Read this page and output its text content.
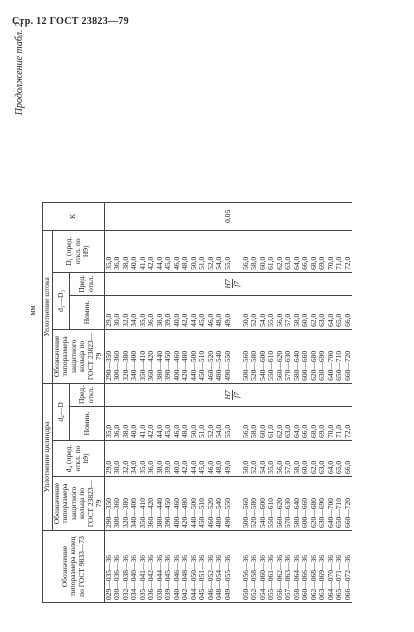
Стр. 12 ГОСТ 23823—79
Продолжение табл. 2
мм
Обозначение типоразмера колец по ГОСТ 9833—73	Уплотнение цилиндра				Уплотнение штока				K
	Обозначение типоразмера защитного кольца по ГОСТ 23823—79	d₄ (пред. откл. по h9)	d₄—D		Обозначение типоразмера защитного кольца по ГОСТ 23823—79	d₁—D₃		D₁ (пред. откл. по H9)	
			Номин.	Пред. откл.		Номин.	Пред. откл.		
029—035—36	290—350	29,0	35,0		290—350	29,0		35,0	0,05
030—036—36	300—360	30,0	36,0		300—360	30,0		36,0	
032—038—36	320—380	32,0	38,0		320—380	32,0		38,0	
034—040—36	340—400	34,0	40,0		340—400	34,0		40,0	
035—041—36	350—410	35,0	41,0		350—410	35,0		41,0	
036—042—36	360—420	36,0	42,0		360—420	36,0		42,0	
038—044—36	380—440	38,0	44,0		380—440	38,0		44,0	
039—045—36	390—450	39,0	45,0		390—450	39,0		45,0	
040—046—36	400—460	40,0	46,0		400—460	40,0		46,0	
042—048—36	420—480	42,0	48,0		420—480	42,0		48,0	
044—050—36	440—500	44,0	50,0		440—500	44,0		50,0	
045—051—36	450—510	45,0	51,0		450—510	45,0		51,0	
046—052—36	460—520	46,0	52,0		460—520	46,0		52,0	
048—054—36	480—540	48,0	54,0		480—540	48,0		54,0	
049—055—36	490—550	49,0	55,0	H7 f7	490—550	49,0	H7 f7	55,0	
050—056—36	500—560	50,0	56,0		500—560	50,0		56,0	
052—058—36	520—580	52,0	58,0		520—580	52,0		58,0	
054—060—36	540—600	54,0	60,0		540—600	54,0		60,0	
055—061—36	550—610	55,0	61,0		550—610	55,0		61,0	
056—062—36	560—620	56,0	62,0		560—620	56,0		62,0	
057—063—36	570—630	57,0	63,0		570—630	57,0		63,0	
058—064—36	580—640	58,0	64,0		580—640	58,0		64,0	
060—066—36	600—660	60,0	66,0		600—660	60,0		66,0	
062—068—36	620—680	62,0	68,0		620—680	62,0		68,0	
063—069—36	630—690	63,0	69,0		630—690	63,0		69,0	
064—070—36	640—700	64,0	70,0		640—700	64,0		70,0	
065—071—36	650—710	65,0	71,0		650—710	65,0		71,0	
066—072—36	660—720	66,0	72,0		660—720	66,0		72,0	
